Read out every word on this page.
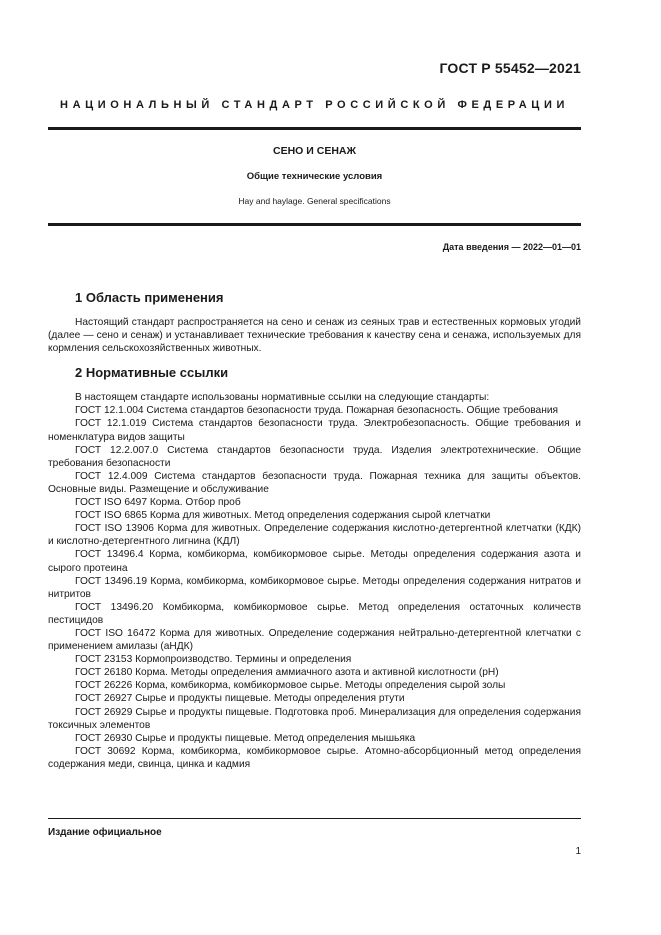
ГОСТ Р 55452—2021
НАЦИОНАЛЬНЫЙ СТАНДАРТ РОССИЙСКОЙ ФЕДЕРАЦИИ
СЕНО И СЕНАЖ
Общие технические условия
Hay and haylage. General specifications
Дата введения — 2022—01—01
1 Область применения

Настоящий стандарт распространяется на сено и сенаж из сеяных трав и естественных кормовых угодий (далее — сено и сенаж) и устанавливает технические требования к качеству сена и сенажа, используемых для кормления сельскохозяйственных животных.

2 Нормативные ссылки

В настоящем стандарте использованы нормативные ссылки на следующие стандарты:

ГОСТ 12.1.004 Система стандартов безопасности труда. Пожарная безопасность. Общие требования

ГОСТ 12.1.019 Система стандартов безопасности труда. Электробезопасность. Общие требования и номенклатура видов защиты

ГОСТ 12.2.007.0 Система стандартов безопасности труда. Изделия электротехнические. Общие требования безопасности

ГОСТ 12.4.009 Система стандартов безопасности труда. Пожарная техника для защиты объектов. Основные виды. Размещение и обслуживание

ГОСТ ISO 6497 Корма. Отбор проб

ГОСТ ISO 6865 Корма для животных. Метод определения содержания сырой клетчатки

ГОСТ ISO 13906 Корма для животных. Определение содержания кислотно-детергентной клетчатки (КДК) и кислотно-детергентного лигнина (КДЛ)

ГОСТ 13496.4 Корма, комбикорма, комбикормовое сырье. Методы определения содержания азота и сырого протеина

ГОСТ 13496.19 Корма, комбикорма, комбикормовое сырье. Методы определения содержания нитратов и нитритов

ГОСТ 13496.20 Комбикорма, комбикормовое сырье. Метод определения остаточных количеств пестицидов

ГОСТ ISO 16472 Корма для животных. Определение содержания нейтрально-детергентной клетчатки с применением амилазы (аНДК)

ГОСТ 23153 Кормопроизводство. Термины и определения

ГОСТ 26180 Корма. Методы определения аммиачного азота и активной кислотности (рН)

ГОСТ 26226 Корма, комбикорма, комбикормовое сырье. Методы определения сырой золы

ГОСТ 26927 Сырье и продукты пищевые. Методы определения ртути

ГОСТ 26929 Сырье и продукты пищевые. Подготовка проб. Минерализация для определения содержания токсичных элементов

ГОСТ 26930 Сырье и продукты пищевые. Метод определения мышьяка

ГОСТ 30692 Корма, комбикорма, комбикормовое сырье. Атомно-абсорбционный метод определения содержания меди, свинца, цинка и кадмия

Издание официальное
1
